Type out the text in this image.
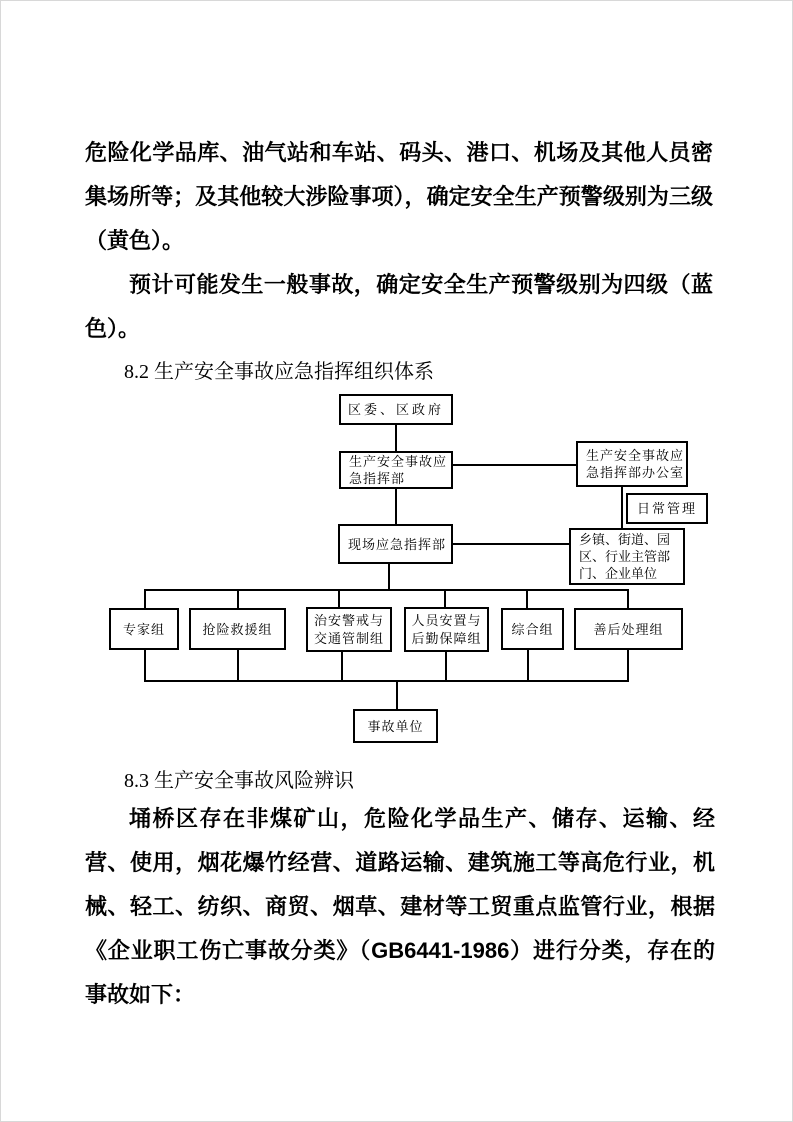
危险化学品库、油气站和车站、码头、港口、机场及其他人员密集场所等；及其他较大涉险事项），确定安全生产预警级别为三级（黄色）。

预计可能发生一般事故，确定安全生产预警级别为四级（蓝色）。

8.2 生产安全事故应急指挥组织体系
区委、区政府
生产安全事故应急指挥部
生产安全事故应急指挥部办公室
日常管理
现场应急指挥部	乡镇、街道、园区、行业主管部门、企业单位
专家组	抢险救援组
治安警戒与交通管制组
人员安置与后勤保障组
综合组	善后处理组
事故单位
8.3 生产安全事故风险辨识

埇桥区存在非煤矿山，危险化学品生产、储存、运输、经营、使用，烟花爆竹经营、道路运输、建筑施工等高危行业，机械、轻工、纺织、商贸、烟草、建材等工贸重点监管行业，根据《企业职工伤亡事故分类》（GB6441-1986）进行分类，存在的事故如下：
